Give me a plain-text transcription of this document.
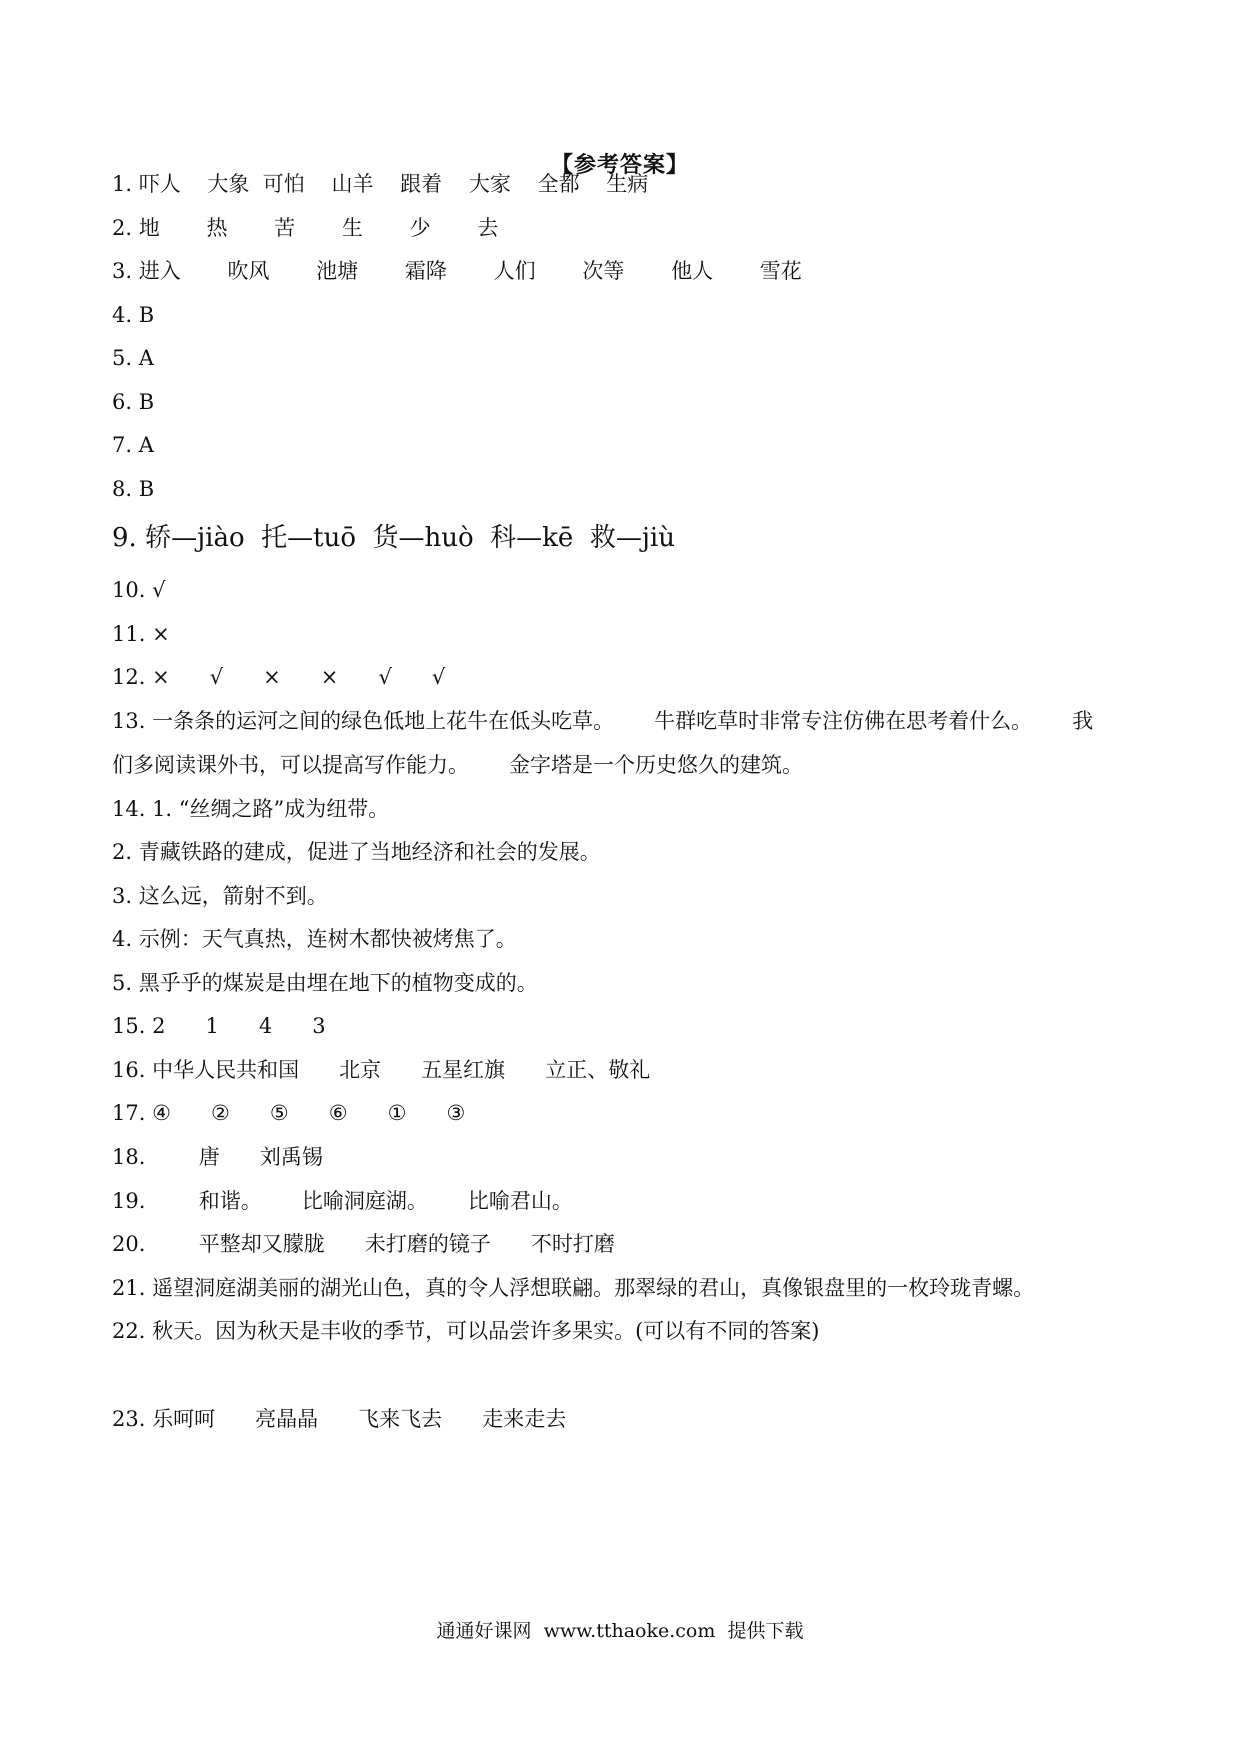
【参考答案】
1. 吓人    大象  可怕    山羊    跟着    大家    全都    生病
2. 地       热       苦       生       少       去
3. 进入       吹风       池塘       霜降       人们       次等       他人       雪花
4. B
5. A
6. B
7. A
8. B
9. 轿—jiào  托—tuō  货—huò  科—kē  救—jiù
10. √
11. ×
12. ×      √      ×      ×      √      √
13. 一条条的运河之间的绿色低地上花牛在低头吃草。      牛群吃草时非常专注仿佛在思考着什么。      我
们多阅读课外书，可以提高写作能力。      金字塔是一个历史悠久的建筑。
14. 1. “丝绸之路”成为纽带。
2. 青藏铁路的建成，促进了当地经济和社会的发展。
3. 这么远，箭射不到。
4. 示例：天气真热，连树木都快被烤焦了。
5. 黑乎乎的煤炭是由埋在地下的植物变成的。
15. 2      1      4      3
16. 中华人民共和国      北京      五星红旗      立正、敬礼
17. ④      ②      ⑤      ⑥      ①      ③
18.        唐      刘禹锡
19.        和谐。      比喻洞庭湖。      比喻君山。
20.        平整却又朦胧      未打磨的镜子      不时打磨
21. 遥望洞庭湖美丽的湖光山色，真的令人浮想联翩。那翠绿的君山，真像银盘里的一枚玲珑青螺。
22. 秋天。因为秋天是丰收的季节，可以品尝许多果实。(可以有不同的答案)
23. 乐呵呵      亮晶晶      飞来飞去      走来走去
通通好课网  www.tthaoke.com  提供下载
